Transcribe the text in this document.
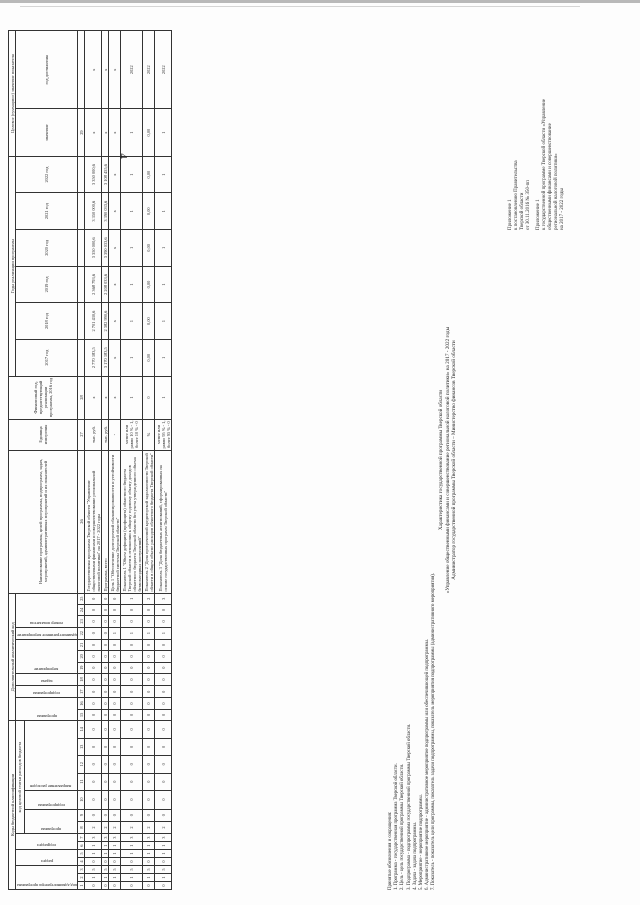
Приложение 1 к постановлению Правительства Тверской области от 30.11.2016 № 350-пп Приложение 1 к государственной программе Тверской области «Управление общественными финансами и совершенствование региональной налоговой политики» на 2017 - 2022 годы
Характеристика государственной программы Тверской области «Управление общественными финансами и совершенствование региональной налоговой политики» на 2017 - 2022 годы Администратор государственной программы Тверской области – Министерство финансов Тверской области
Принятые обозначения и сокращения: 1. Программа - государственная программа Тверской области. 2. Цель - цель государственной программы Тверской области. 3. Подпрограмма - подпрограмма государственной программы Тверской области. 4. Задача - задача подпрограммы. 5. Мероприятие - мероприятие подпрограммы. 6. Административное мероприятие - административное мероприятие подпрограммы или обеспечивающей подпрограммы. 7. Показатель - показатель цели программы, показатель задачи подпрограммы, показатель мероприятия подпрограммы (административного мероприятия).
Коды бюджетной классификации														Дополнительный аналитический код											Наименование программы, целей программы, подпрограмм, задач, мероприятий, административных мероприятий и их показателей	Единица измерения	Финансовый год, предшествующий реализации программы, 2016 год	Годы реализации программы						Целевое (суммарное) значение показателя	

код администратора программы			раздел		подраздел		код целевой статьи расходов бюджета							программа		подпрограмма	задача	мероприятие			административное мероприятие	номер показателя						2017 год	2018 год	2019 год	2020 год	2021 год	2022 год	значение	год достижения

							программа		подпрограмма	направление расходов																									

1	2	3	4	5	6	7	8	9	10	11	12	13	14	15	16	17	18	19	20	21	22	23	24	25	26	27	28							29	
0	1	5	0	1	1	3	2	0	0	0	0	0	0	0	0	0	0	0	0	0	0	0	0	0	Государственная программа Тверской области "Управление общественными финансами и совершенствование региональной налоговой политики" на 2017 - 2022 годы	тыс. руб.	х	2 770 183,5	2 701 430,6	2 368 793,6	3 350 000,6	3 350 000,6	3 350 000,6	х	х
0	1	5	0	1	1	3	2	0	0	0	0	0	0	0	0	0	0	0	0	0	0	0	0	0	Программа, всего	тыс. руб.	х	3 170 183,5	2 382 990,6	2 208 033,6	3 390 033,6	3 390 033,6	3 108 455,6	х	х
0	1	5	0	1	1	3	2	0	0	0	0	0	0	0	0	0	0	0	0	0	1	0	0	0	Цель 1 "Обеспечение долгосрочной сбалансированности и устойчивости бюджетной системы Тверской области"	-	х	х	х	х	х	х	х	х	х
0	1	5	0	1	1	3	2	0	0	0	0	0	0	0	0	0	0	0	0	0	1	0	0	1	Показатель 1 "Объем дефицита (профицита) областного бюджета Тверской области в отношении к общему годовому объему доходов областного бюджета Тверской области без учета утвержденного объема безвозмездных поступлений"	менее или равно 10 % - 1, более 10 % - 0	1	1	1	1	1	1	1	1	2022
0	1	5	0	1	1	3	2	0	0	0	0	0	0	0	0	0	0	0	0	0	1	0	0	2	Показатель 2 "Доля просроченной кредиторской задолженности Тверской области в общем объеме расходов областного бюджета Тверской области"	%	0	0,00	0,00	0,00	0,00	0,00	0,00	0,00	2022
0	1	5	0	1	1	3	2	0	0	0	0	0	0	0	0	0	0	0	0	0	1	0	0	3	Показатель 3 "Доля бюджетных ассигнований, сформированных на основе государственных программ Тверской области"	менее или равно 95 % - 1, более 95 % - 0	1	1	1	1	1	1	1	1	2022
4
